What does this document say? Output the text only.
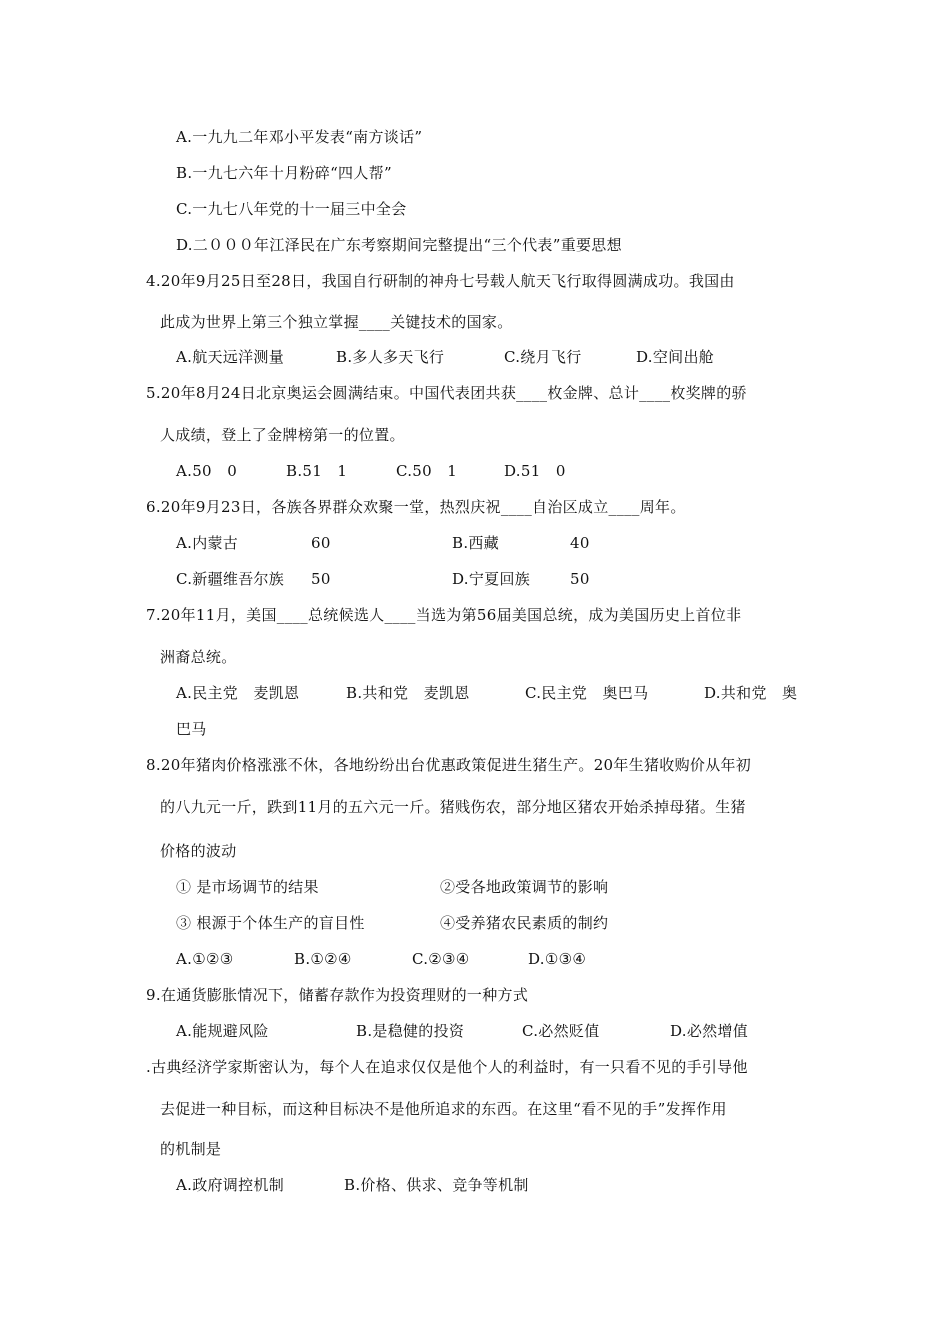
A.一九九二年邓小平发表“南方谈话”
B.一九七六年十月粉碎“四人帮”
C.一九七八年党的十一届三中全会
D.二０００年江泽民在广东考察期间完整提出“三个代表”重要思想
4.20年9月25日至28日，我国自行研制的神舟七号载人航天飞行取得圆满成功。我国由
此成为世界上第三个独立掌握____关键技术的国家。
A.航天远洋测量	B.多人多天飞行	C.绕月飞行	D.空间出舱
5.20年8月24日北京奥运会圆满结束。中国代表团共获____枚金牌、总计____枚奖牌的骄
人成绩，登上了金牌榜第一的位置。
A.50　0	B.51　1	C.50　1	D.51　0
6.20年9月23日，各族各界群众欢聚一堂，热烈庆祝____自治区成立____周年。
A.内蒙古	60	B.西藏	40
C.新疆维吾尔族 50	D.宁夏回族	50
7.20年11月，美国____总统候选人____当选为第56届美国总统，成为美国历史上首位非
洲裔总统。
A.民主党　麦凯恩	B.共和党　麦凯恩	C.民主党　奥巴马	D.共和党　奥
巴马
8.20年猪肉价格涨涨不休，各地纷纷出台优惠政策促进生猪生产。20年生猪收购价从年初
的八九元一斤，跌到11月的五六元一斤。猪贱伤农，部分地区猪农开始杀掉母猪。生猪
价格的波动
① 是市场调节的结果	②受各地政策调节的影响
③ 根源于个体生产的盲目性	④受养猪农民素质的制约
A.①②③	B.①②④	C.②③④	D.①③④
9.在通货膨胀情况下，储蓄存款作为投资理财的一种方式
A.能规避风险	B.是稳健的投资	C.必然贬值	D.必然增值
.古典经济学家斯密认为，每个人在追求仅仅是他个人的利益时，有一只看不见的手引导他
去促进一种目标，而这种目标决不是他所追求的东西。在这里“看不见的手”发挥作用
的机制是
A.政府调控机制	B.价格、供求、竞争等机制
